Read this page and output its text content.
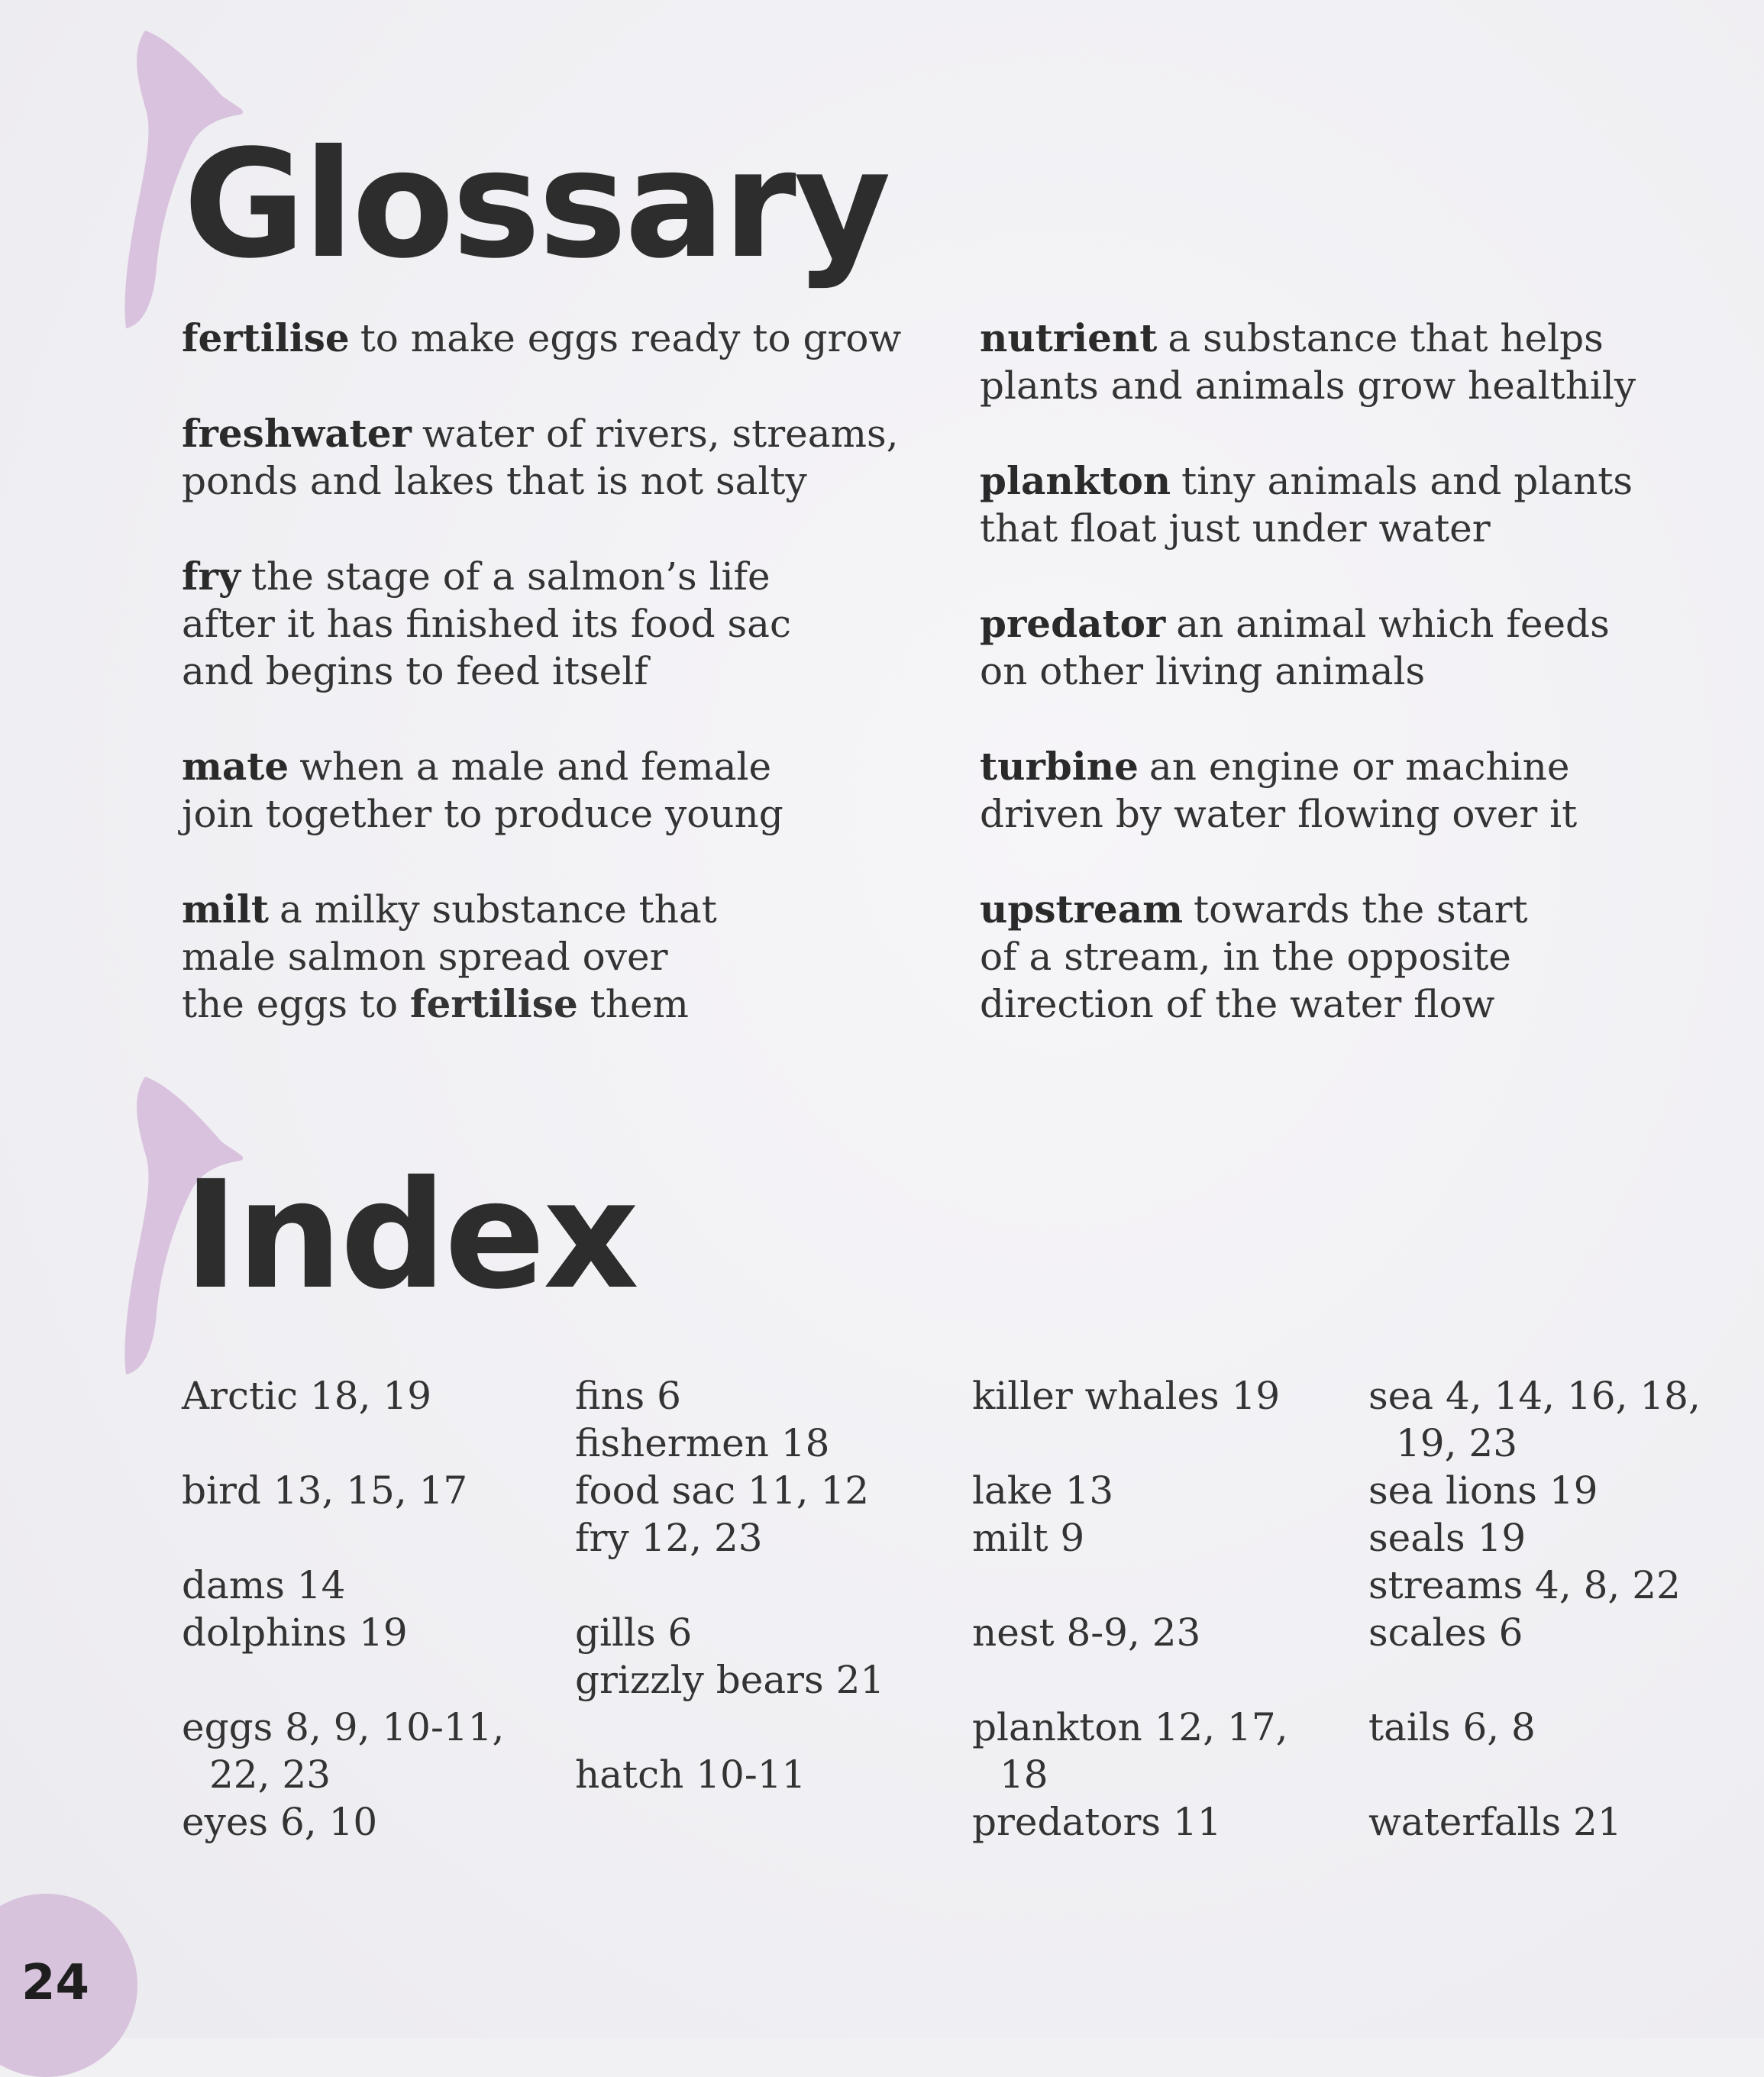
Glossary

fertilise to make eggs ready to grow

freshwater water of rivers, streams,
ponds and lakes that is not salty

fry the stage of a salmon’s life
after it has finished its food sac
and begins to feed itself

mate when a male and female
join together to produce young

milt a milky substance that
male salmon spread over
the eggs to fertilise them

nutrient a substance that helps
plants and animals grow healthily

plankton tiny animals and plants
that float just under water

predator an animal which feeds
on other living animals

turbine an engine or machine
driven by water flowing over it

upstream towards the start
of a stream, in the opposite
direction of the water flow

Index
Arctic 18, 19
bird 13, 15, 17
dams 14
dolphins 19
eggs 8, 9, 10-11,
22, 23
eyes 6, 10
fins 6
fishermen 18
food sac 11, 12
fry 12, 23
gills 6
grizzly bears 21
hatch 10-11
killer whales 19
lake 13
milt 9
nest 8-9, 23
plankton 12, 17,
18
predators 11
sea 4, 14, 16, 18,
19, 23
sea lions 19
seals 19
streams 4, 8, 22
scales 6
tails 6, 8
waterfalls 21
24
